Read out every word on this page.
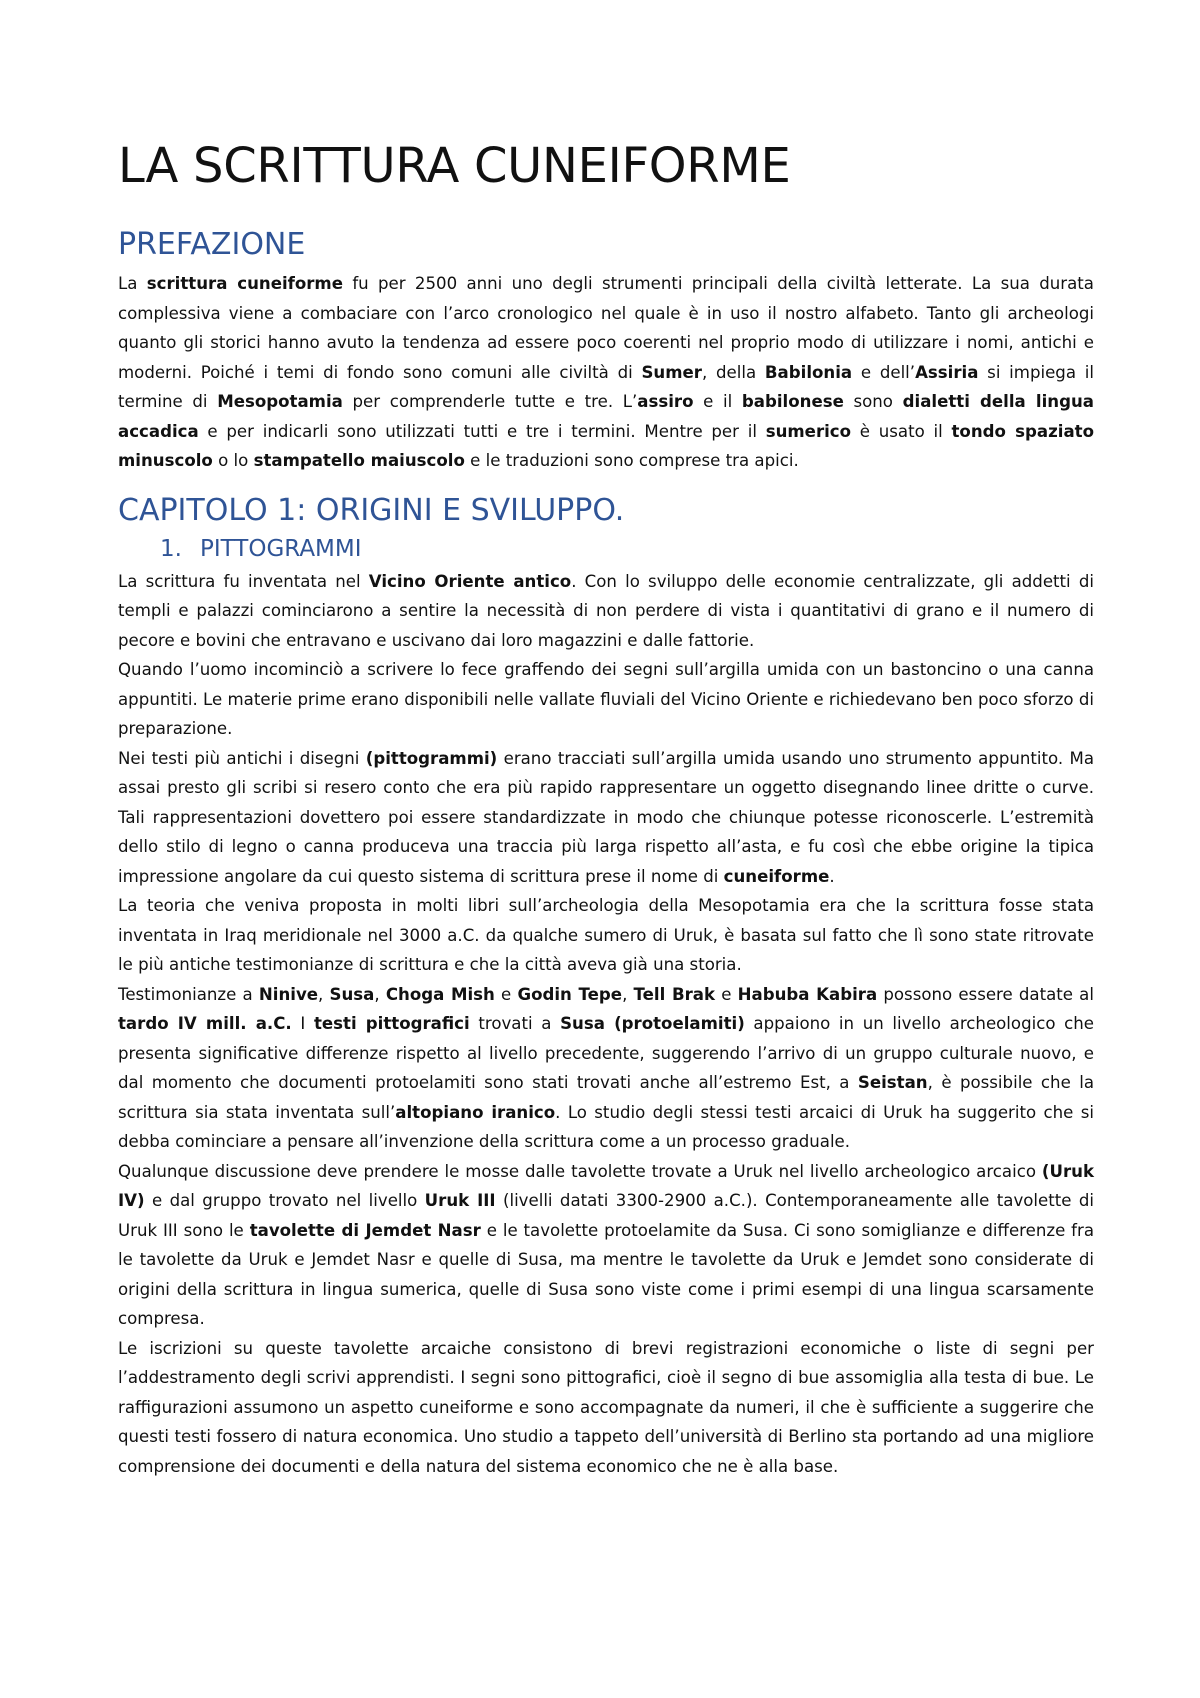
LA SCRITTURA CUNEIFORME
PREFAZIONE

La scrittura cuneiforme fu per 2500 anni uno degli strumenti principali della civiltà letterate. La sua durata complessiva viene a combaciare con l’arco cronologico nel quale è in uso il nostro alfabeto. Tanto gli archeologi quanto gli storici hanno avuto la tendenza ad essere poco coerenti nel proprio modo di utilizzare i nomi, antichi e moderni. Poiché i temi di fondo sono comuni alle civiltà di Sumer, della Babilonia e dell’Assiria si impiega il termine di Mesopotamia per comprenderle tutte e tre. L’assiro e il babilonese sono dialetti della lingua accadica e per indicarli sono utilizzati tutti e tre i termini. Mentre per il sumerico è usato il tondo spaziato minuscolo o lo stampatello maiuscolo e le traduzioni sono comprese tra apici.

CAPITOLO 1: ORIGINI E SVILUPPO.
1. PITTOGRAMMI

La scrittura fu inventata nel Vicino Oriente antico. Con lo sviluppo delle economie centralizzate, gli addetti di templi e palazzi cominciarono a sentire la necessità di non perdere di vista i quantitativi di grano e il numero di pecore e bovini che entravano e uscivano dai loro magazzini e dalle fattorie.

Quando l’uomo incominciò a scrivere lo fece graffendo dei segni sull’argilla umida con un bastoncino o una canna appuntiti. Le materie prime erano disponibili nelle vallate fluviali del Vicino Oriente e richiedevano ben poco sforzo di preparazione.

Nei testi più antichi i disegni (pittogrammi) erano tracciati sull’argilla umida usando uno strumento appuntito. Ma assai presto gli scribi si resero conto che era più rapido rappresentare un oggetto disegnando linee dritte o curve. Tali rappresentazioni dovettero poi essere standardizzate in modo che chiunque potesse riconoscerle. L’estremità dello stilo di legno o canna produceva una traccia più larga rispetto all’asta, e fu così che ebbe origine la tipica impressione angolare da cui questo sistema di scrittura prese il nome di cuneiforme.

La teoria che veniva proposta in molti libri sull’archeologia della Mesopotamia era che la scrittura fosse stata inventata in Iraq meridionale nel 3000 a.C. da qualche sumero di Uruk, è basata sul fatto che lì sono state ritrovate le più antiche testimonianze di scrittura e che la città aveva già una storia.

Testimonianze a Ninive, Susa, Choga Mish e Godin Tepe, Tell Brak e Habuba Kabira possono essere datate al tardo IV mill. a.C. I testi pittografici trovati a Susa (protoelamiti) appaiono in un livello archeologico che presenta significative differenze rispetto al livello precedente, suggerendo l’arrivo di un gruppo culturale nuovo, e dal momento che documenti protoelamiti sono stati trovati anche all’estremo Est, a Seistan, è possibile che la scrittura sia stata inventata sull’altopiano iranico. Lo studio degli stessi testi arcaici di Uruk ha suggerito che si debba cominciare a pensare all’invenzione della scrittura come a un processo graduale.

Qualunque discussione deve prendere le mosse dalle tavolette trovate a Uruk nel livello archeologico arcaico (Uruk IV) e dal gruppo trovato nel livello Uruk III (livelli datati 3300-2900 a.C.). Contemporaneamente alle tavolette di Uruk III sono le tavolette di Jemdet Nasr e le tavolette protoelamite da Susa. Ci sono somiglianze e differenze fra le tavolette da Uruk e Jemdet Nasr e quelle di Susa, ma mentre le tavolette da Uruk e Jemdet sono considerate di origini della scrittura in lingua sumerica, quelle di Susa sono viste come i primi esempi di una lingua scarsamente compresa.

Le iscrizioni su queste tavolette arcaiche consistono di brevi registrazioni economiche o liste di segni per l’addestramento degli scrivi apprendisti. I segni sono pittografici, cioè il segno di bue assomiglia alla testa di bue. Le raffigurazioni assumono un aspetto cuneiforme e sono accompagnate da numeri, il che è sufficiente a suggerire che questi testi fossero di natura economica. Uno studio a tappeto dell’università di Berlino sta portando ad una migliore comprensione dei documenti e della natura del sistema economico che ne è alla base.
